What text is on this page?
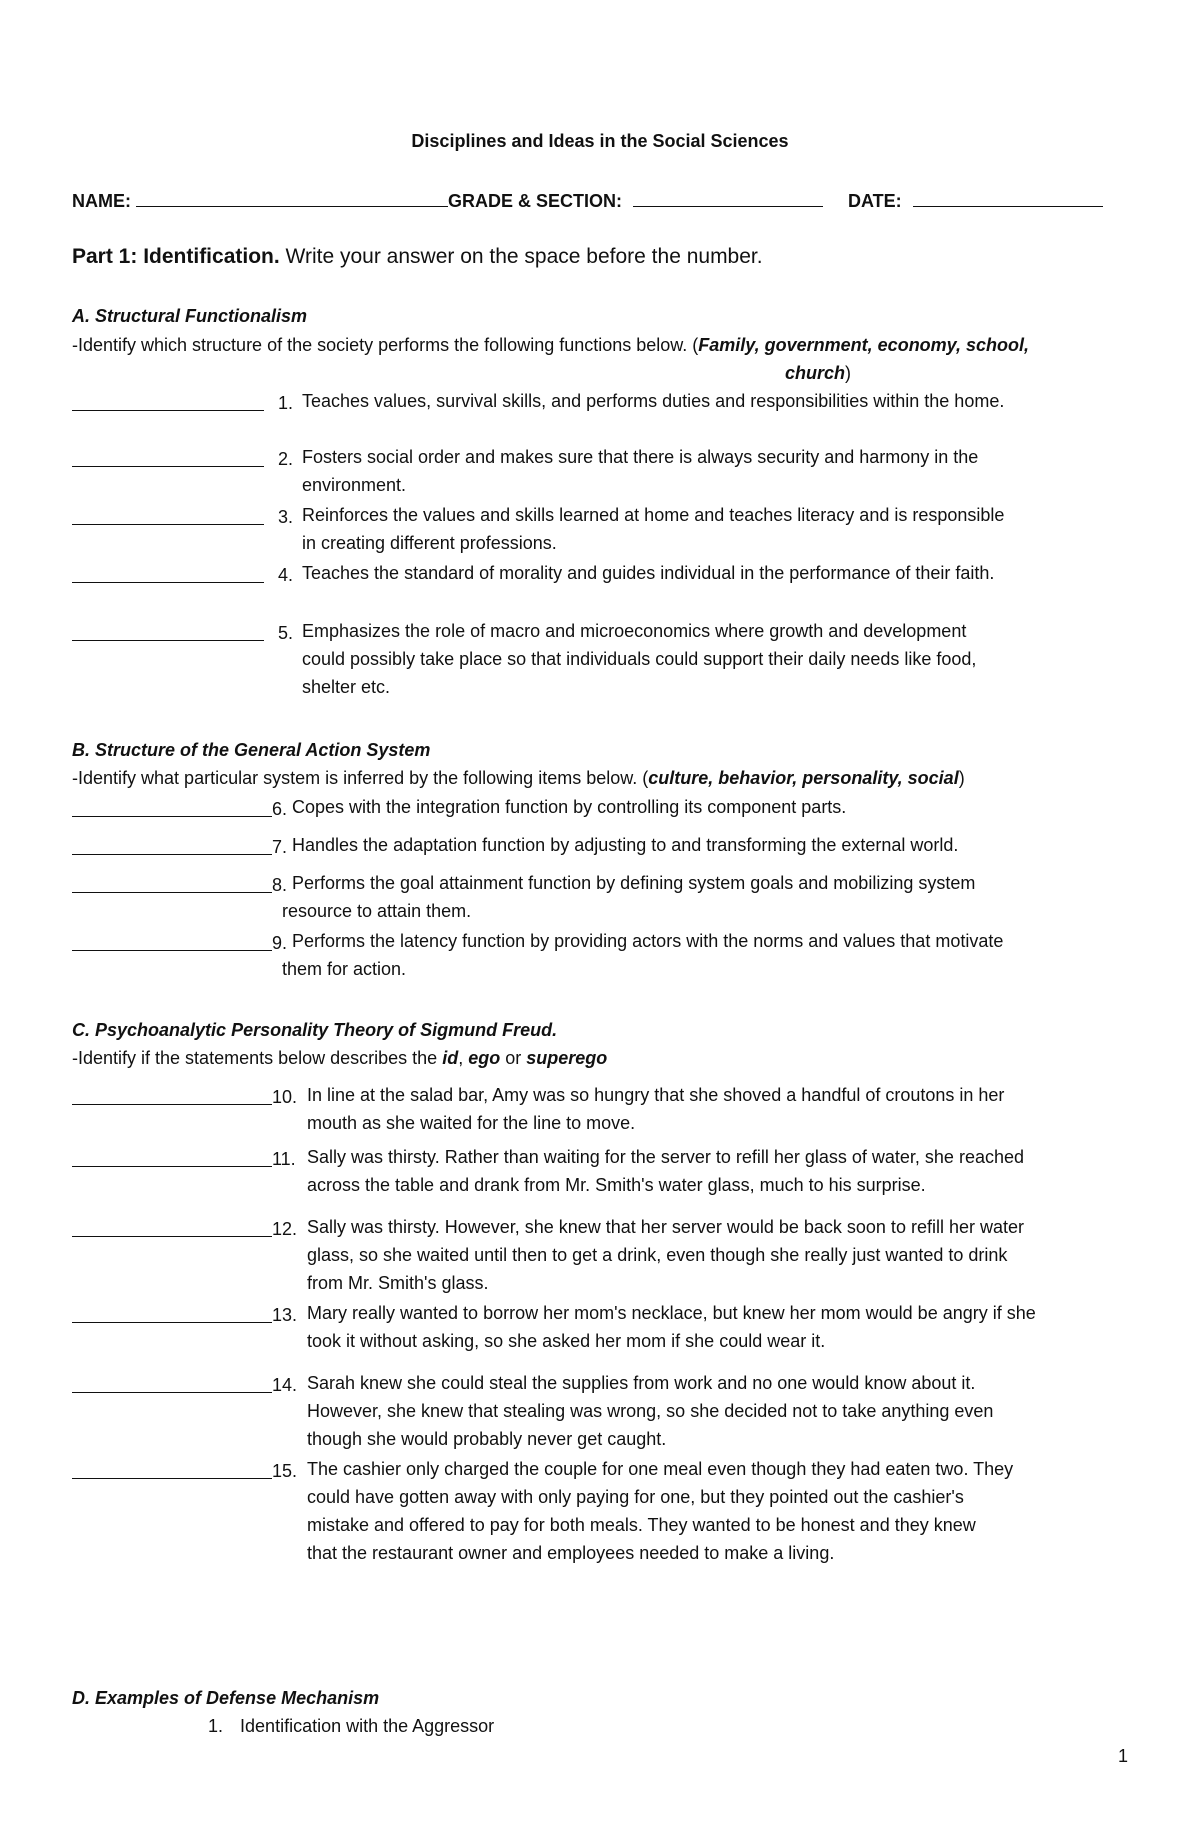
Disciplines and Ideas in the Social Sciences
NAME:	GRADE & SECTION:	DATE:
Part 1: Identification. Write your answer on the space before the number.
A. Structural Functionalism
-Identify which structure of the society performs the following functions below. (Family, government, economy, school,
church)
1. Teaches values, survival skills, and performs duties and responsibilities within the home.
2. Fosters social order and makes sure that there is always security and harmony in the
environment.
3. Reinforces the values and skills learned at home and teaches literacy and is responsible
in creating different professions.
4. Teaches the standard of morality and guides individual in the performance of their faith.
5. Emphasizes the role of macro and microeconomics where growth and development
could possibly take place so that individuals could support their daily needs like food,
shelter etc.
B. Structure of the General Action System
-Identify what particular system is inferred by the following items below. (culture, behavior, personality, social)
6. Copes with the integration function by controlling its component parts.
7. Handles the adaptation function by adjusting to and transforming the external world.
8. Performs the goal attainment function by defining system goals and mobilizing system
resource to attain them.
9. Performs the latency function by providing actors with the norms and values that motivate
them for action.
C. Psychoanalytic Personality Theory of Sigmund Freud.
-Identify if the statements below describes the id, ego or superego
10. In line at the salad bar, Amy was so hungry that she shoved a handful of croutons in her
mouth as she waited for the line to move.
11. Sally was thirsty. Rather than waiting for the server to refill her glass of water, she reached
across the table and drank from Mr. Smith's water glass, much to his surprise.
12. Sally was thirsty. However, she knew that her server would be back soon to refill her water
glass, so she waited until then to get a drink, even though she really just wanted to drink
from Mr. Smith's glass.
13. Mary really wanted to borrow her mom's necklace, but knew her mom would be angry if she
took it without asking, so she asked her mom if she could wear it.
14. Sarah knew she could steal the supplies from work and no one would know about it.
However, she knew that stealing was wrong, so she decided not to take anything even
though she would probably never get caught.
15. The cashier only charged the couple for one meal even though they had eaten two. They
could have gotten away with only paying for one, but they pointed out the cashier's
mistake and offered to pay for both meals. They wanted to be honest and they knew
that the restaurant owner and employees needed to make a living.
D. Examples of Defense Mechanism
1. Identification with the Aggressor
1
